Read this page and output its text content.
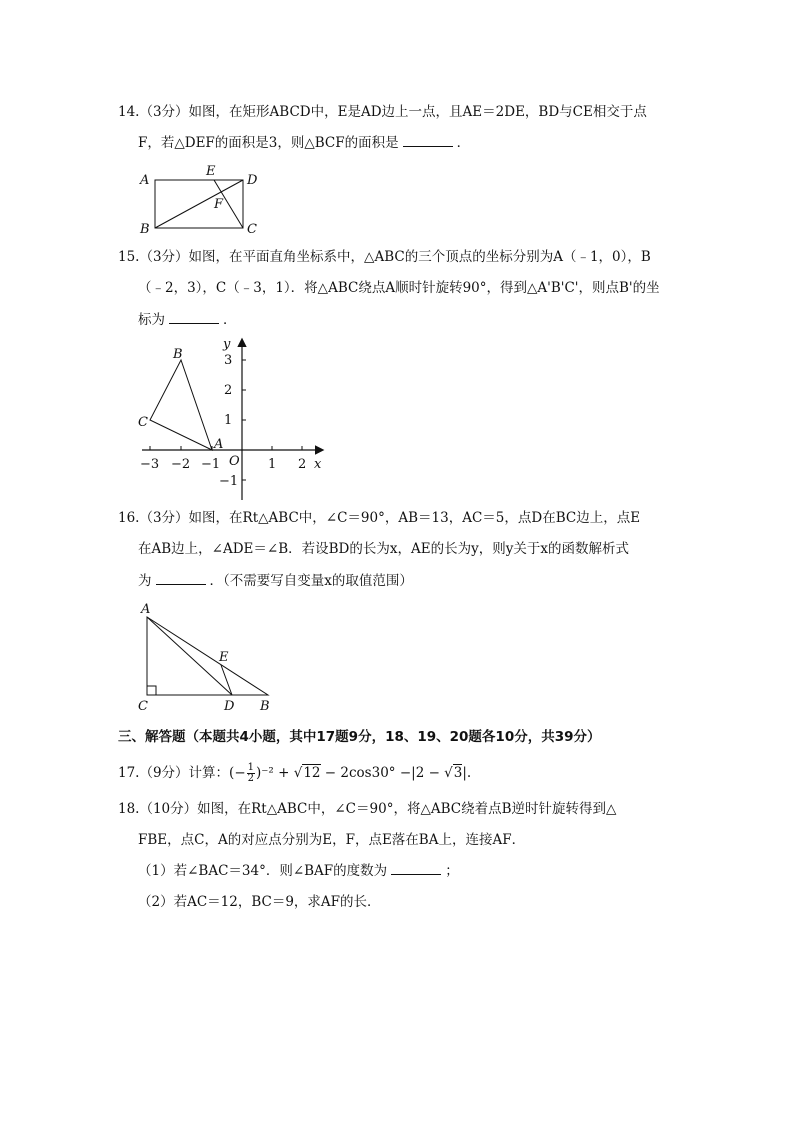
14.（3分）如图，在矩形ABCD中，E是AD边上一点，且AE＝2DE，BD与CE相交于点
F，若△DEF的面积是3，则△BCF的面积是	．
A
E
D
F
B	C
15.（3分）如图，在平面直角坐标系中，△ABC的三个顶点的坐标分别为A（﹣1，0），B
（﹣2，3），C（﹣3，1）．将△ABC绕点A顺时针旋转90°，得到△A'B'C'，则点B'的坐
标为	．
B
C
A
O	x
y
3
2
1
−1
−3 −2 −1	1 2
16.（3分）如图，在Rt△ABC中，∠C＝90°，AB＝13，AC＝5，点D在BC边上，点E
在AB边上，∠ADE＝∠B．若设BD的长为x，AE的长为y，则y关于x的函数解析式
为	．（不需要写自变量x的取值范围）
A
E
C	D B
三、解答题（本题共4小题，其中17题9分，18、19、20题各10分，共39分）
17.（9分）计算：(− $\frac{1}{2} )^{-2} + √12 - 2\cos 30^\circ -|2 - √3|$.
18.（10分）如图，在Rt△ABC中，∠C＝90°，将△ABC绕着点B逆时针旋转得到△
FBE，点C，A的对应点分别为E，F，点E落在BA上，连接AF．
（1）若∠BAC＝34°．则∠BAF的度数为	；
（2）若AC＝12，BC＝9，求AF的长．
